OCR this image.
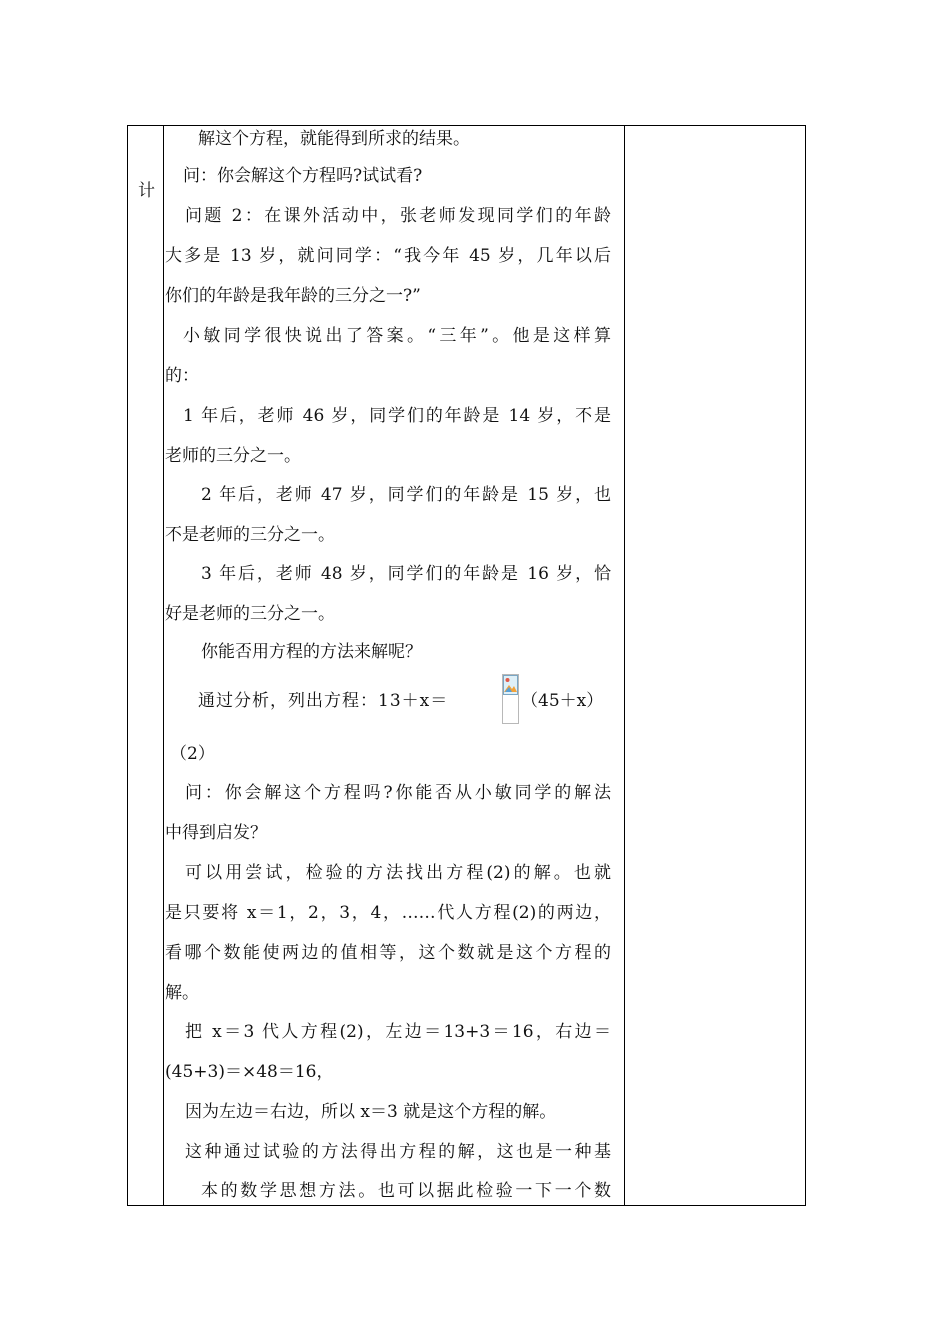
计
解这个方程，就能得到所求的结果。
问：你会解这个方程吗?试试看?
问题 2：在课外活动中，张老师发现同学们的年龄
大多是 13 岁，就问同学：“我今年 45 岁，几年以后
你们的年龄是我年龄的三分之一?”
小敏同学很快说出了答案。“三年”。他是这样算
的：
1 年后，老师 46 岁，同学们的年龄是 14 岁，不是
老师的三分之一。
2 年后，老师 47 岁，同学们的年龄是 15 岁，也
不是老师的三分之一。
3 年后，老师 48 岁，同学们的年龄是 16 岁，恰
好是老师的三分之一。
你能否用方程的方法来解呢？
通过分析，列出方程：13＋x＝	（45＋x）
（2）
问：你会解这个方程吗?你能否从小敏同学的解法
中得到启发？
可以用尝试，检验的方法找出方程(2)的解。也就
是只要将 x＝1，2，3，4，……代人方程(2)的两边，
看哪个数能使两边的值相等，这个数就是这个方程的
解。
把 x＝3 代人方程(2)，左边＝13+3＝16，右边＝
(45+3)＝×48＝16，
因为左边＝右边，所以 x＝3 就是这个方程的解。
这种通过试验的方法得出方程的解，这也是一种基
本的数学思想方法。也可以据此检验一下一个数
